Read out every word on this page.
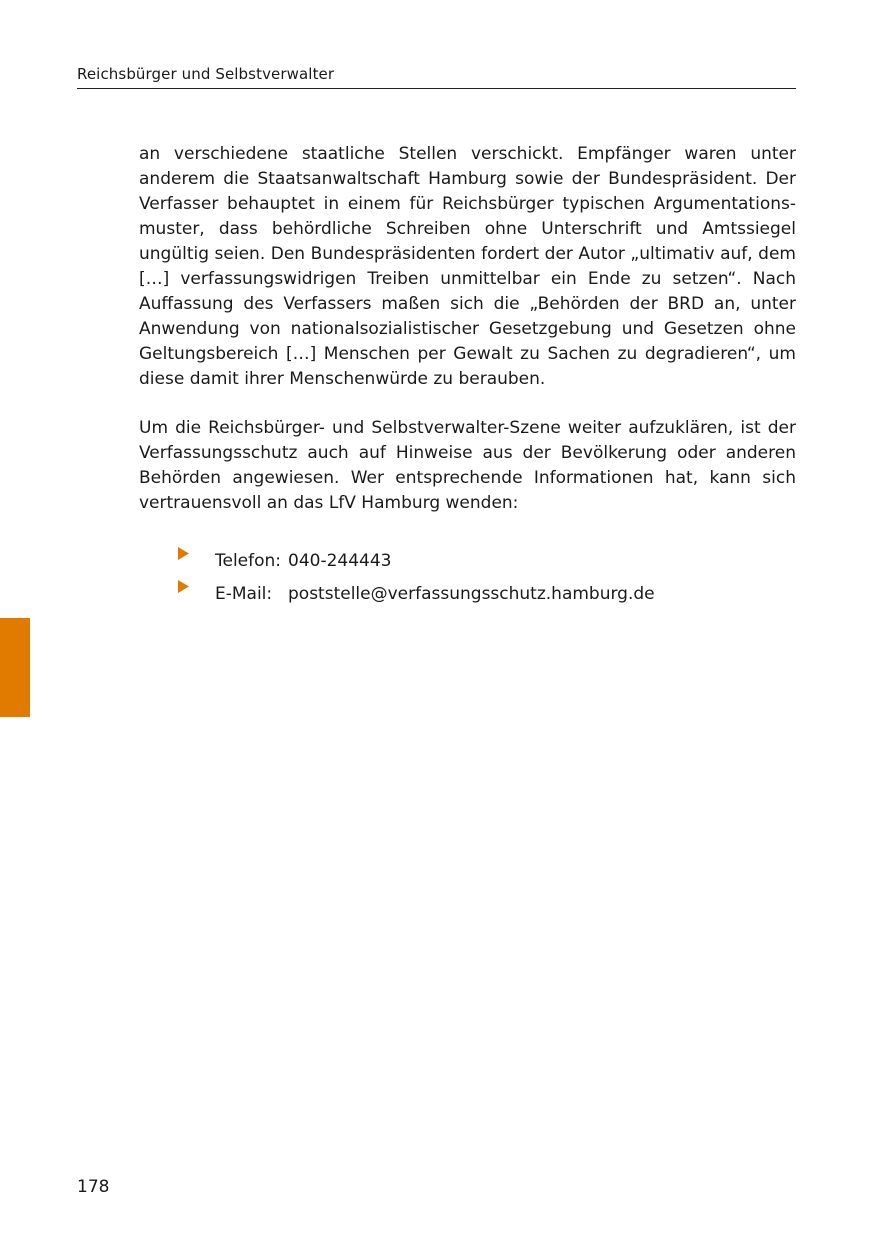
Reichsbürger und Selbstverwalter

an verschiedene staatliche Stellen verschickt. Empfänger waren unter anderem die Staatsanwaltschaft Hamburg sowie der Bundespräsident. Der Verfasser behauptet in einem für Reichsbürger typischen Argumentationsmuster, dass behördliche Schreiben ohne Unterschrift und Amtssiegel ungültig seien. Den Bundespräsidenten fordert der Autor „ultimativ auf, dem […] verfassungswidrigen Treiben unmittelbar ein Ende zu setzen“. Nach Auffassung des Verfassers maßen sich die „Behörden der BRD an, unter Anwendung von nationalsozialistischer Gesetzgebung und Gesetzen ohne Geltungsbereich […] Menschen per Gewalt zu Sachen zu degradieren“, um diese damit ihrer Menschenwürde zu berauben.

Um die Reichsbürger- und Selbstverwalter-Szene weiter aufzuklären, ist der Verfassungsschutz auch auf Hinweise aus der Bevölkerung oder anderen Behörden angewiesen. Wer entsprechende Informationen hat, kann sich vertrauensvoll an das LfV Hamburg wenden:

Telefon: 040-244443
E-Mail: poststelle@verfassungsschutz.hamburg.de
178
